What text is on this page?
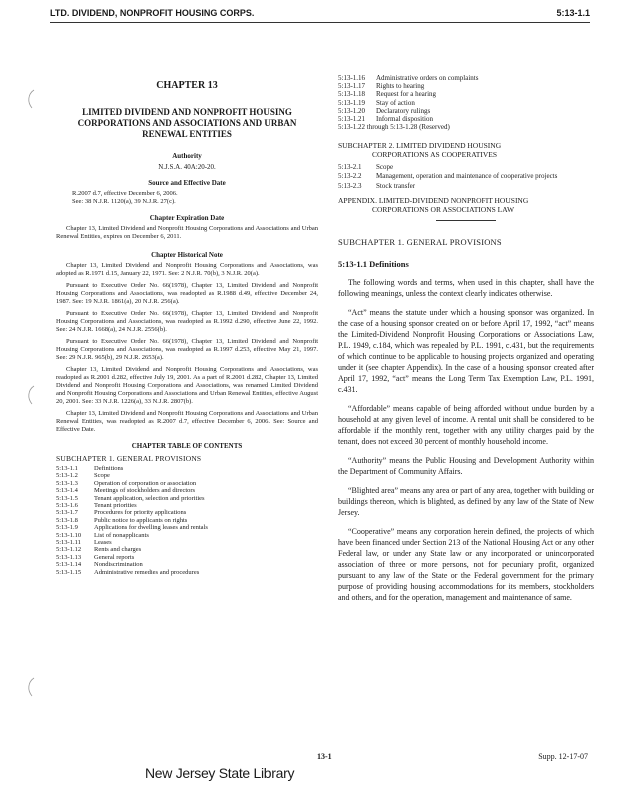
LTD. DIVIDEND, NONPROFIT HOUSING CORPS.	5:13-1.1
CHAPTER 13
LIMITED DIVIDEND AND NONPROFIT HOUSING CORPORATIONS AND ASSOCIATIONS AND URBAN RENEWAL ENTITIES
Authority
N.J.S.A. 40A:20-20.
Source and Effective Date
R.2007 d.7, effective December 6, 2006.
See: 38 N.J.R. 1120(a), 39 N.J.R. 27(c).
Chapter Expiration Date
Chapter 13, Limited Dividend and Nonprofit Housing Corporations and Associations and Urban Renewal Entities, expires on December 6, 2011.
Chapter Historical Note
Chapter 13, Limited Dividend and Nonprofit Housing Corporations and Associations, was adopted as R.1971 d.15, January 22, 1971. See: 2 N.J.R. 70(b), 3 N.J.R. 20(a).
Pursuant to Executive Order No. 66(1978), Chapter 13, Limited Dividend and Nonprofit Housing Corporations and Associations, was readopted as R.1988 d.49, effective December 24, 1987. See: 19 N.J.R. 1861(a), 20 N.J.R. 256(a).
Pursuant to Executive Order No. 66(1978), Chapter 13, Limited Dividend and Nonprofit Housing Corporations and Associations, was readopted as R.1992 d.290, effective June 22, 1992. See: 24 N.J.R. 1668(a), 24 N.J.R. 2556(b).
Pursuant to Executive Order No. 66(1978), Chapter 13, Limited Dividend and Nonprofit Housing Corporations and Associations, was readopted as R.1997 d.253, effective May 21, 1997. See: 29 N.J.R. 965(b), 29 N.J.R. 2653(a).
Chapter 13, Limited Dividend and Nonprofit Housing Corporations and Associations, was readopted as R.2001 d.282, effective July 19, 2001. As a part of R.2001 d.282, Chapter 13, Limited Dividend and Nonprofit Housing Corporations and Associations, was renamed Limited Dividend and Nonprofit Housing Corporations and Associations and Urban Renewal Entities, effective August 20, 2001. See: 33 N.J.R. 1226(a), 33 N.J.R. 2807(b).
Chapter 13, Limited Dividend and Nonprofit Housing Corporations and Associations and Urban Renewal Entities, was readopted as R.2007 d.7, effective December 6, 2006. See: Source and Effective Date.
CHAPTER TABLE OF CONTENTS
SUBCHAPTER 1. GENERAL PROVISIONS
5:13-1.1	Definitions
5:13-1.2	Scope
5:13-1.3	Operation of corporation or association
5:13-1.4	Meetings of stockholders and directors
5:13-1.5	Tenant application, selection and priorities
5:13-1.6	Tenant priorities
5:13-1.7	Procedures for priority applications
5:13-1.8	Public notice to applicants on rights
5:13-1.9	Applications for dwelling leases and rentals
5:13-1.10	List of nonapplicants
5:13-1.11	Leases
5:13-1.12	Rents and charges
5:13-1.13	General reports
5:13-1.14	Nondiscrimination
5:13-1.15	Administrative remedies and procedures
5:13-1.16	Administrative orders on complaints
5:13-1.17	Rights to hearing
5:13-1.18	Request for a hearing
5:13-1.19	Stay of action
5:13-1.20	Declaratory rulings
5:13-1.21	Informal disposition
5:13-1.22 through 5:13-1.28 (Reserved)
SUBCHAPTER 2. LIMITED DIVIDEND HOUSING
CORPORATIONS AS COOPERATIVES
5:13-2.1	Scope
5:13-2.2	Management, operation and maintenance of cooperative projects
5:13-2.3	Stock transfer
APPENDIX. LIMITED-DIVIDEND NONPROFIT HOUSING
CORPORATIONS OR ASSOCIATIONS LAW
SUBCHAPTER 1. GENERAL PROVISIONS
5:13-1.1 Definitions

The following words and terms, when used in this chapter, shall have the following meanings, unless the context clearly indicates otherwise.

“Act” means the statute under which a housing sponsor was organized. In the case of a housing sponsor created on or before April 17, 1992, “act” means the Limited-Dividend Nonprofit Housing Corporations or Associations Law, P.L. 1949, c.184, which was repealed by P.L. 1991, c.431, but the requirements of which continue to be applicable to housing projects organized and operating under it (see chapter Appendix). In the case of a housing sponsor created after April 17, 1992, “act” means the Long Term Tax Exemption Law, P.L. 1991, c.431.

“Affordable” means capable of being afforded without undue burden by a household at any given level of income. A rental unit shall be considered to be affordable if the monthly rent, together with any utility charges paid by the tenant, does not exceed 30 percent of monthly household income.

“Authority” means the Public Housing and Development Authority within the Department of Community Affairs.

“Blighted area” means any area or part of any area, together with building or buildings thereon, which is blighted, as defined by any law of the State of New Jersey.

“Cooperative” means any corporation herein defined, the projects of which have been financed under Section 213 of the National Housing Act or any other Federal law, or under any State law or any incorporated or unincorporated association of three or more persons, not for pecuniary profit, organized pursuant to any law of the State or the Federal government for the primary purpose of providing housing accommodations for its members, stockholders and others, and for the operation, management and maintenance of same.

13-1	Supp. 12-17-07
New Jersey State Library
